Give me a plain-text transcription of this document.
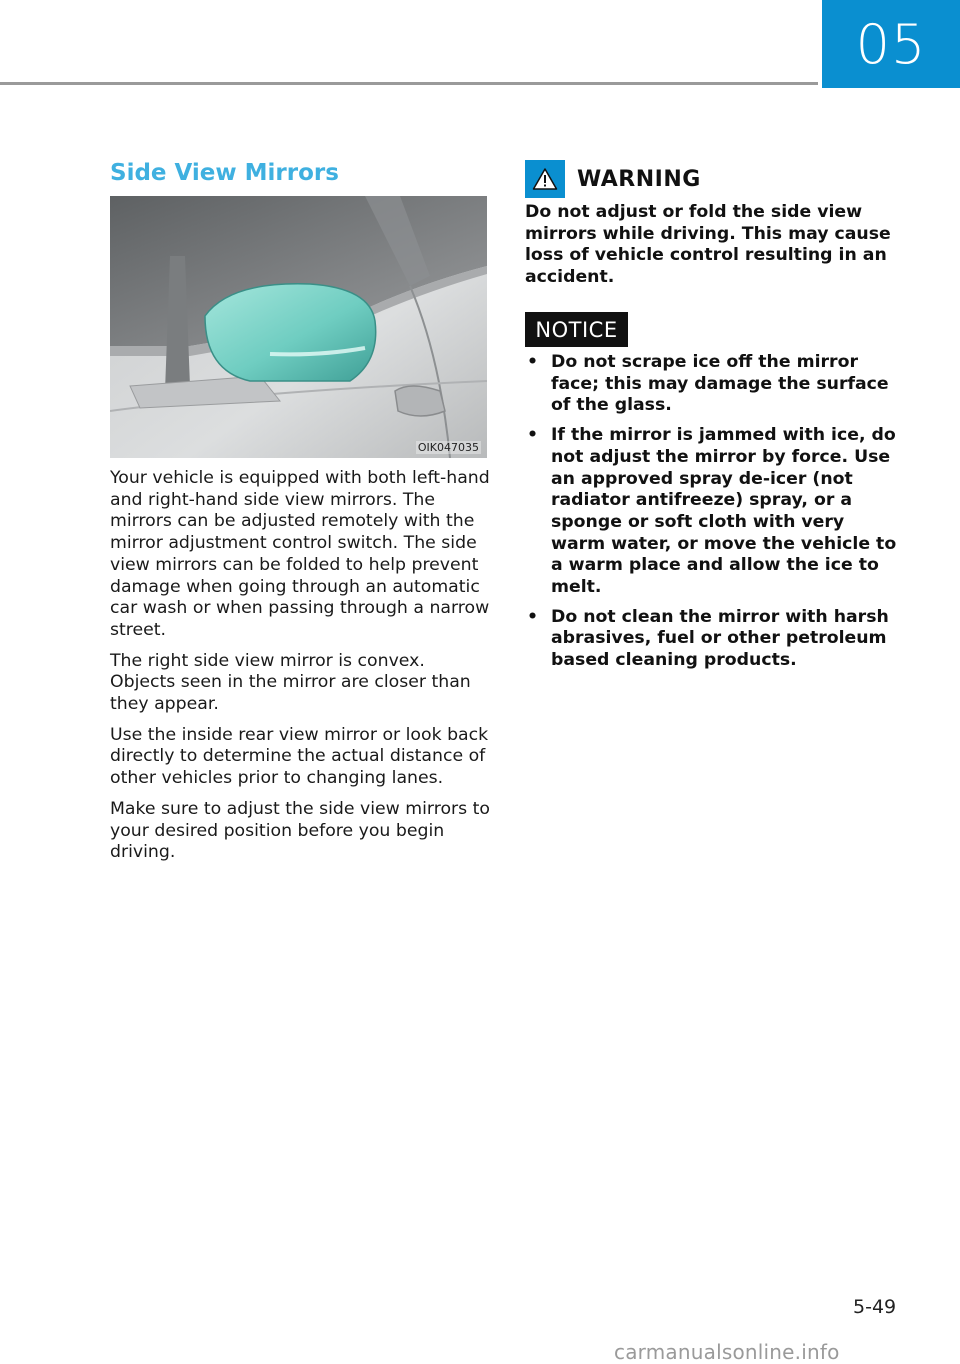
05
Side View Mirrors
OIK047035

Your vehicle is equipped with both left-hand and right-hand side view mirrors. The mirrors can be adjusted remotely with the mirror adjustment control switch. The side view mirrors can be folded to help prevent damage when going through an automatic car wash or when passing through a narrow street.

The right side view mirror is convex. Objects seen in the mirror are closer than they appear.

Use the inside rear view mirror or look back directly to determine the actual distance of other vehicles prior to changing lanes.

Make sure to adjust the side view mirrors to your desired position before you begin driving.

WARNING

Do not adjust or fold the side view mirrors while driving. This may cause loss of vehicle control resulting in an accident.

NOTICE
• Do not scrape ice off the mirror face; this may damage the surface of the glass.
• If the mirror is jammed with ice, do not adjust the mirror by force. Use an approved spray de-icer (not radiator antifreeze) spray, or a sponge or soft cloth with very warm water, or move the vehicle to a warm place and allow the ice to melt.
• Do not clean the mirror with harsh abrasives, fuel or other petroleum based cleaning products.
5-49
carmanualsonline.info
